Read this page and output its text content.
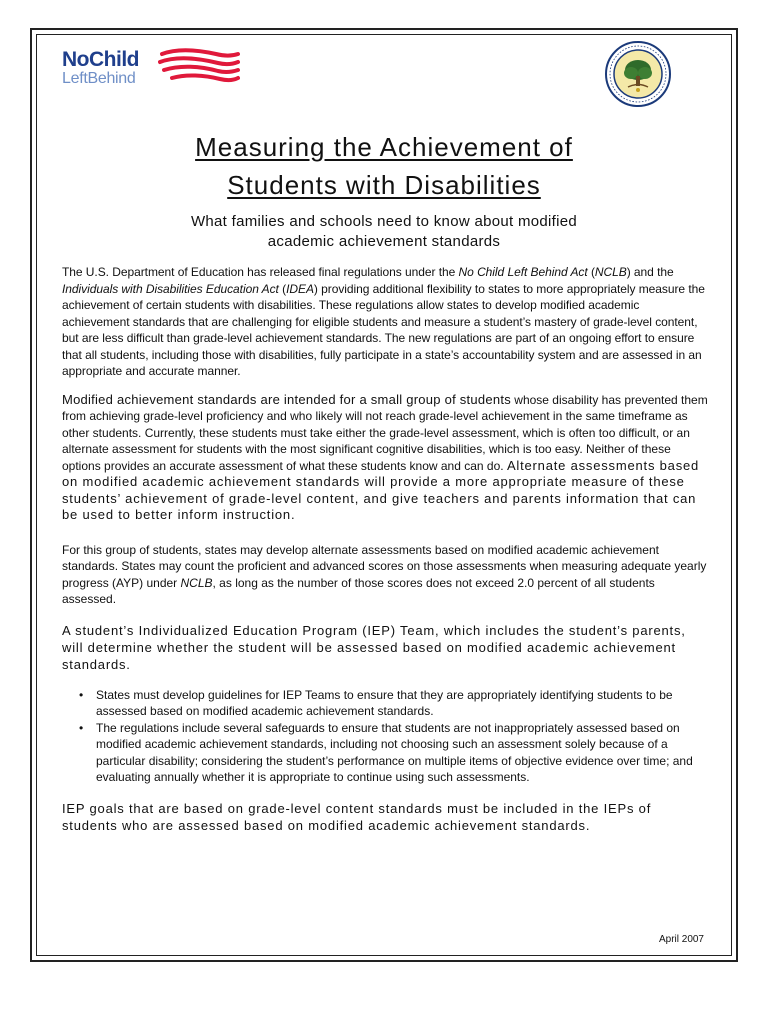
NoChild
LeftBehind
Measuring the Achievement of
Students with Disabilities
What families and schools need to know about modified
academic achievement standards

The U.S. Department of Education has released final regulations under the No Child Left Behind Act (NCLB) and the Individuals with Disabilities Education Act (IDEA) providing additional flexibility to states to more appropriately measure the achievement of certain students with disabilities. These regulations allow states to develop modified academic achievement standards that are challenging for eligible students and measure a student’s mastery of grade-level content, but are less difficult than grade-level achievement standards. The new regulations are part of an ongoing effort to ensure that all students, including those with disabilities, fully participate in a state’s accountability system and are assessed in an appropriate and accurate manner.

Modified achievement standards are intended for a small group of students whose disability has prevented them from achieving grade-level proficiency and who likely will not reach grade-level achievement in the same timeframe as other students. Currently, these students must take either the grade-level assessment, which is often too difficult, or an alternate assessment for students with the most significant cognitive disabilities, which is too easy. Neither of these options provides an accurate assessment of what these students know and can do. Alternate assessments based on modified academic achievement standards will provide a more appropriate measure of these students’ achievement of grade-level content, and give teachers and parents information that can be used to better inform instruction.

For this group of students, states may develop alternate assessments based on modified academic achievement standards. States may count the proficient and advanced scores on those assessments when measuring adequate yearly progress (AYP) under NCLB, as long as the number of those scores does not exceed 2.0 percent of all students assessed.

A student’s Individualized Education Program (IEP) Team, which includes the student’s parents, will determine whether the student will be assessed based on modified academic achievement standards.

• States must develop guidelines for IEP Teams to ensure that they are appropriately identifying students to be assessed based on modified academic achievement standards.
• The regulations include several safeguards to ensure that students are not inappropriately assessed based on modified academic achievement standards, including not choosing such an assessment solely because of a particular disability; considering the student’s performance on multiple items of objective evidence over time; and evaluating annually whether it is appropriate to continue using such assessments.

IEP goals that are based on grade-level content standards must be included in the IEPs of students who are assessed based on modified academic achievement standards.

April 2007
